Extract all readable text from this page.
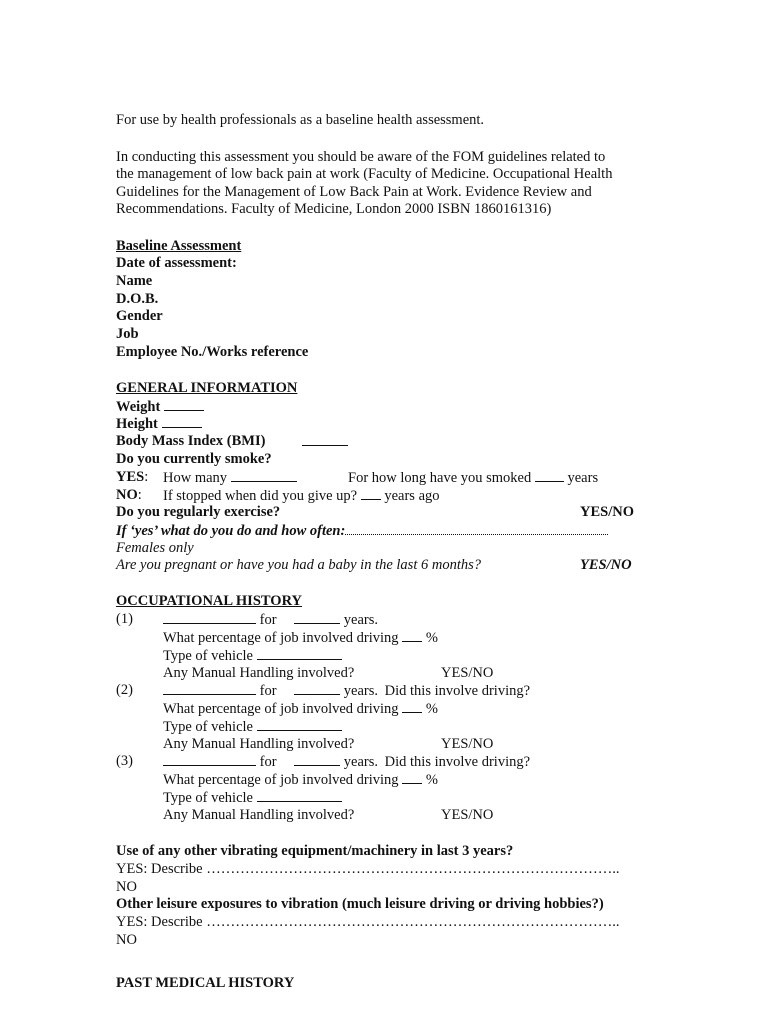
For use by health professionals as a baseline health assessment.
In conducting this assessment you should be aware of the FOM guidelines related to
the management of low back pain at work (Faculty of Medicine. Occupational Health
Guidelines for the Management of Low Back Pain at Work. Evidence Review and
Recommendations. Faculty of Medicine, London 2000 ISBN 1860161316)
Baseline Assessment
Date of assessment:
Name
D.O.B.
Gender
Job
Employee No./Works reference
GENERAL INFORMATION
Weight
Height
Body Mass Index (BMI)
Do you currently smoke?
YES: How many	For how long have you smoked	years
NO: If stopped when did you give up? years ago
Do you regularly exercise?	YES/NO
If ‘yes’ what do you do and how often:
Females only
Are you pregnant or have you had a baby in the last 6 months?	YES/NO
OCCUPATIONAL HISTORY
(1)	for	years.
What percentage of job involved driving %
Type of vehicle
Any Manual Handling involved?	YES/NO
(2)	for	years. Did this involve driving?
What percentage of job involved driving %
Type of vehicle
Any Manual Handling involved?	YES/NO
(3)	for	years. Did this involve driving?
What percentage of job involved driving %
Type of vehicle
Any Manual Handling involved?	YES/NO
Use of any other vibrating equipment/machinery in last 3 years?
YES: Describe …………………………………………………………………………..
NO
Other leisure exposures to vibration (much leisure driving or driving hobbies?)
YES: Describe …………………………………………………………………………..
NO
PAST MEDICAL HISTORY
